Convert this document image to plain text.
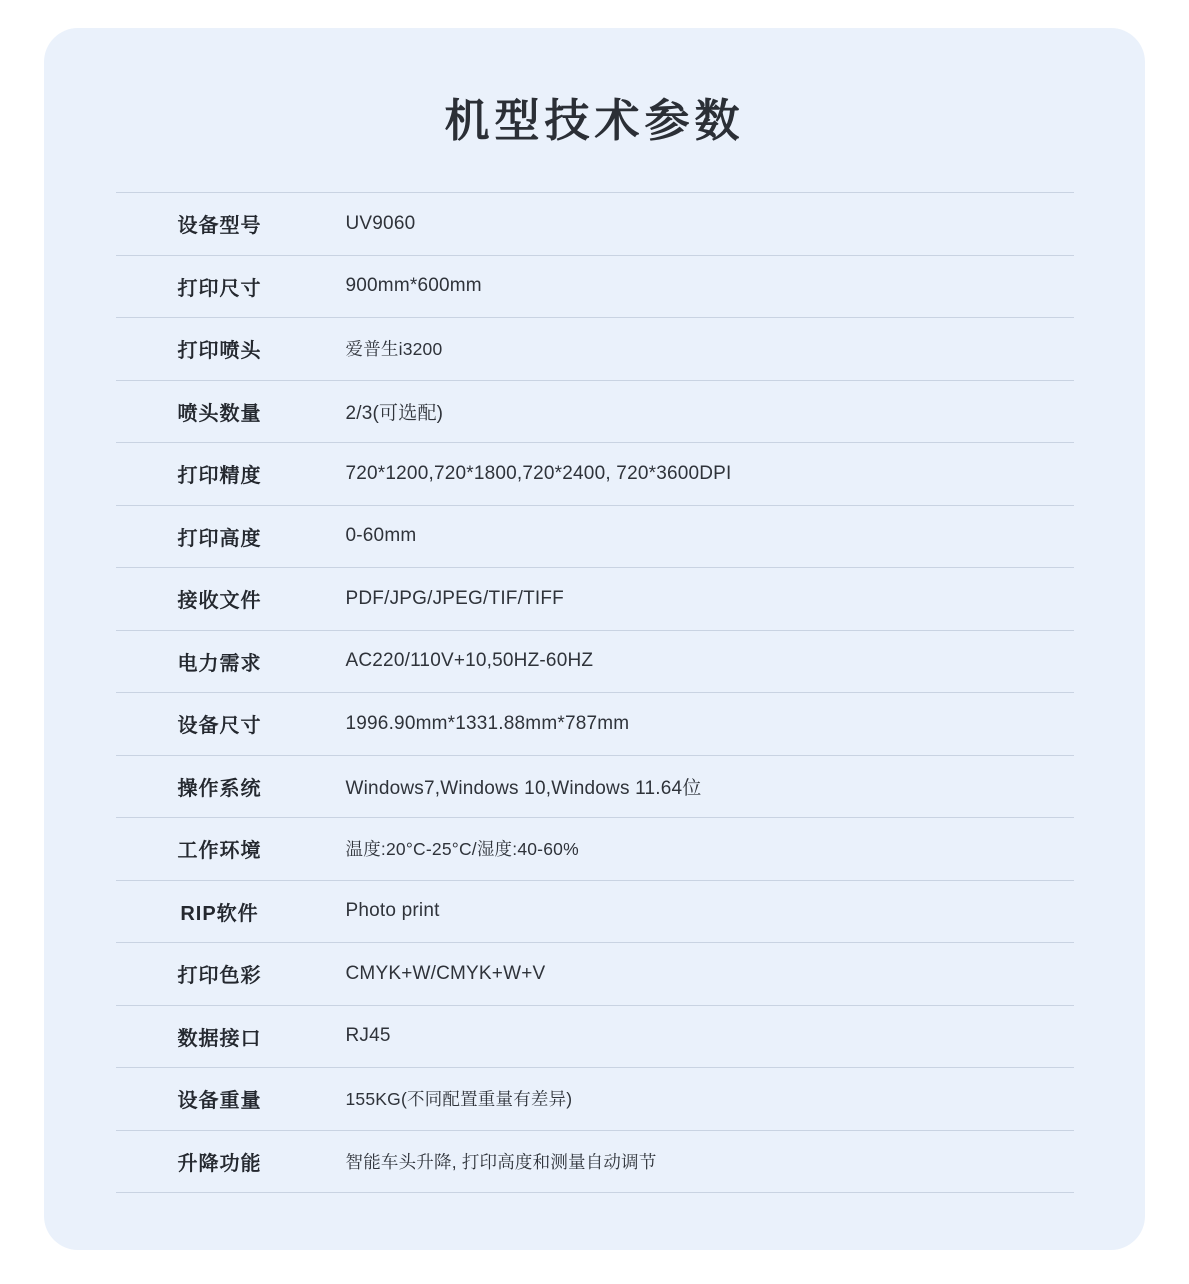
机型技术参数
设备型号	UV9060
打印尺寸	900mm*600mm
打印喷头	爱普生i3200
喷头数量	2/3(可选配)
打印精度	720*1200,720*1800,720*2400, 720*3600DPI
打印高度	0-60mm
接收文件	PDF/JPG/JPEG/TIF/TIFF
电力需求	AC220/110V+10,50HZ-60HZ
设备尺寸	1996.90mm*1331.88mm*787mm
操作系统	Windows7,Windows 10,Windows 11.64位
工作环境	温度:20°C-25°C/湿度:40-60%
RIP软件	Photo print
打印色彩	CMYK+W/CMYK+W+V
数据接口	RJ45
设备重量	155KG(不同配置重量有差异)
升降功能	智能车头升降, 打印高度和测量自动调节
